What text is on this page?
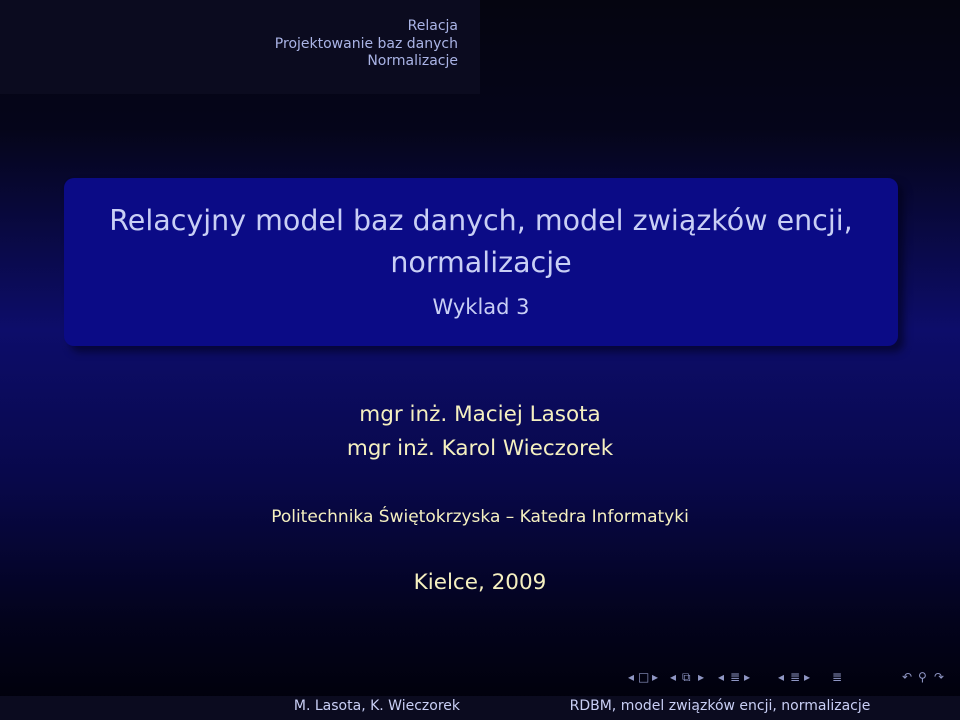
Relacja
Projektowanie baz danych
Normalizacje
Relacyjny model baz danych, model związków encji, normalizacje
Wyklad 3
mgr inż. Maciej Lasota
mgr inż. Karol Wieczorek
Politechnika Świętokrzyska – Katedra Informatyki
Kielce, 2009
◂ □ ▸ ◂ ⧉ ▸ ◂ ≣ ▸ ◂ ≣ ▸ ≣	↶ ⚲ ↷
M. Lasota, K. Wieczorek	RDBM, model związków encji, normalizacje
